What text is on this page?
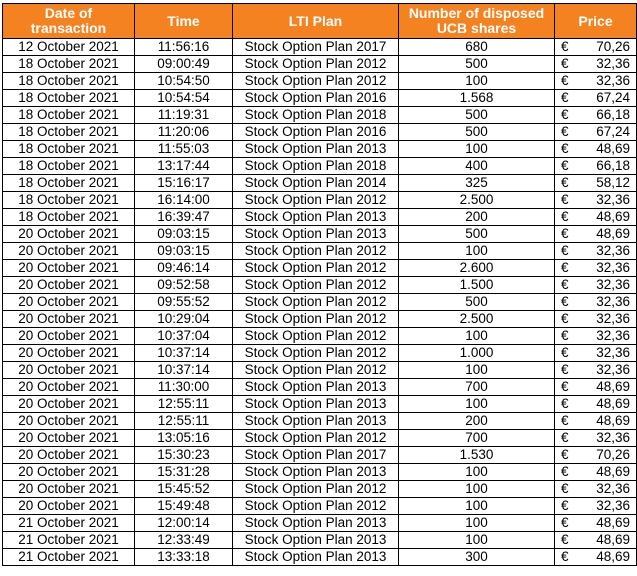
Date of transaction	Time	LTI Plan	Number of disposed UCB shares	Price
12 October 2021	11:56:16	Stock Option Plan 2017	680	€ 70,26

18 October 2021	09:00:49	Stock Option Plan 2012	500	€ 32,36

18 October 2021	10:54:50	Stock Option Plan 2012	100	€ 32,36

18 October 2021	10:54:54	Stock Option Plan 2016	1.568	€ 67,24

18 October 2021	11:19:31	Stock Option Plan 2018	500	€ 66,18

18 October 2021	11:20:06	Stock Option Plan 2016	500	€ 67,24

18 October 2021	11:55:03	Stock Option Plan 2013	100	€ 48,69

18 October 2021	13:17:44	Stock Option Plan 2018	400	€ 66,18

18 October 2021	15:16:17	Stock Option Plan 2014	325	€ 58,12

18 October 2021	16:14:00	Stock Option Plan 2012	2.500	€ 32,36

18 October 2021	16:39:47	Stock Option Plan 2013	200	€ 48,69

20 October 2021	09:03:15	Stock Option Plan 2013	500	€ 48,69

20 October 2021	09:03:15	Stock Option Plan 2012	100	€ 32,36

20 October 2021	09:46:14	Stock Option Plan 2012	2.600	€ 32,36

20 October 2021	09:52:58	Stock Option Plan 2012	1.500	€ 32,36

20 October 2021	09:55:52	Stock Option Plan 2012	500	€ 32,36

20 October 2021	10:29:04	Stock Option Plan 2012	2.500	€ 32,36

20 October 2021	10:37:04	Stock Option Plan 2012	100	€ 32,36

20 October 2021	10:37:14	Stock Option Plan 2012	1.000	€ 32,36

20 October 2021	10:37:14	Stock Option Plan 2012	100	€ 32,36

20 October 2021	11:30:00	Stock Option Plan 2013	700	€ 48,69

20 October 2021	12:55:11	Stock Option Plan 2013	100	€ 48,69

20 October 2021	12:55:11	Stock Option Plan 2013	200	€ 48,69

20 October 2021	13:05:16	Stock Option Plan 2012	700	€ 32,36

20 October 2021	15:30:23	Stock Option Plan 2017	1.530	€ 70,26

20 October 2021	15:31:28	Stock Option Plan 2013	100	€ 48,69

20 October 2021	15:45:52	Stock Option Plan 2012	100	€ 32,36

20 October 2021	15:49:48	Stock Option Plan 2012	100	€ 32,36

21 October 2021	12:00:14	Stock Option Plan 2013	100	€ 48,69

21 October 2021	12:33:49	Stock Option Plan 2013	100	€ 48,69

21 October 2021	13:33:18	Stock Option Plan 2013	300	€ 48,69
